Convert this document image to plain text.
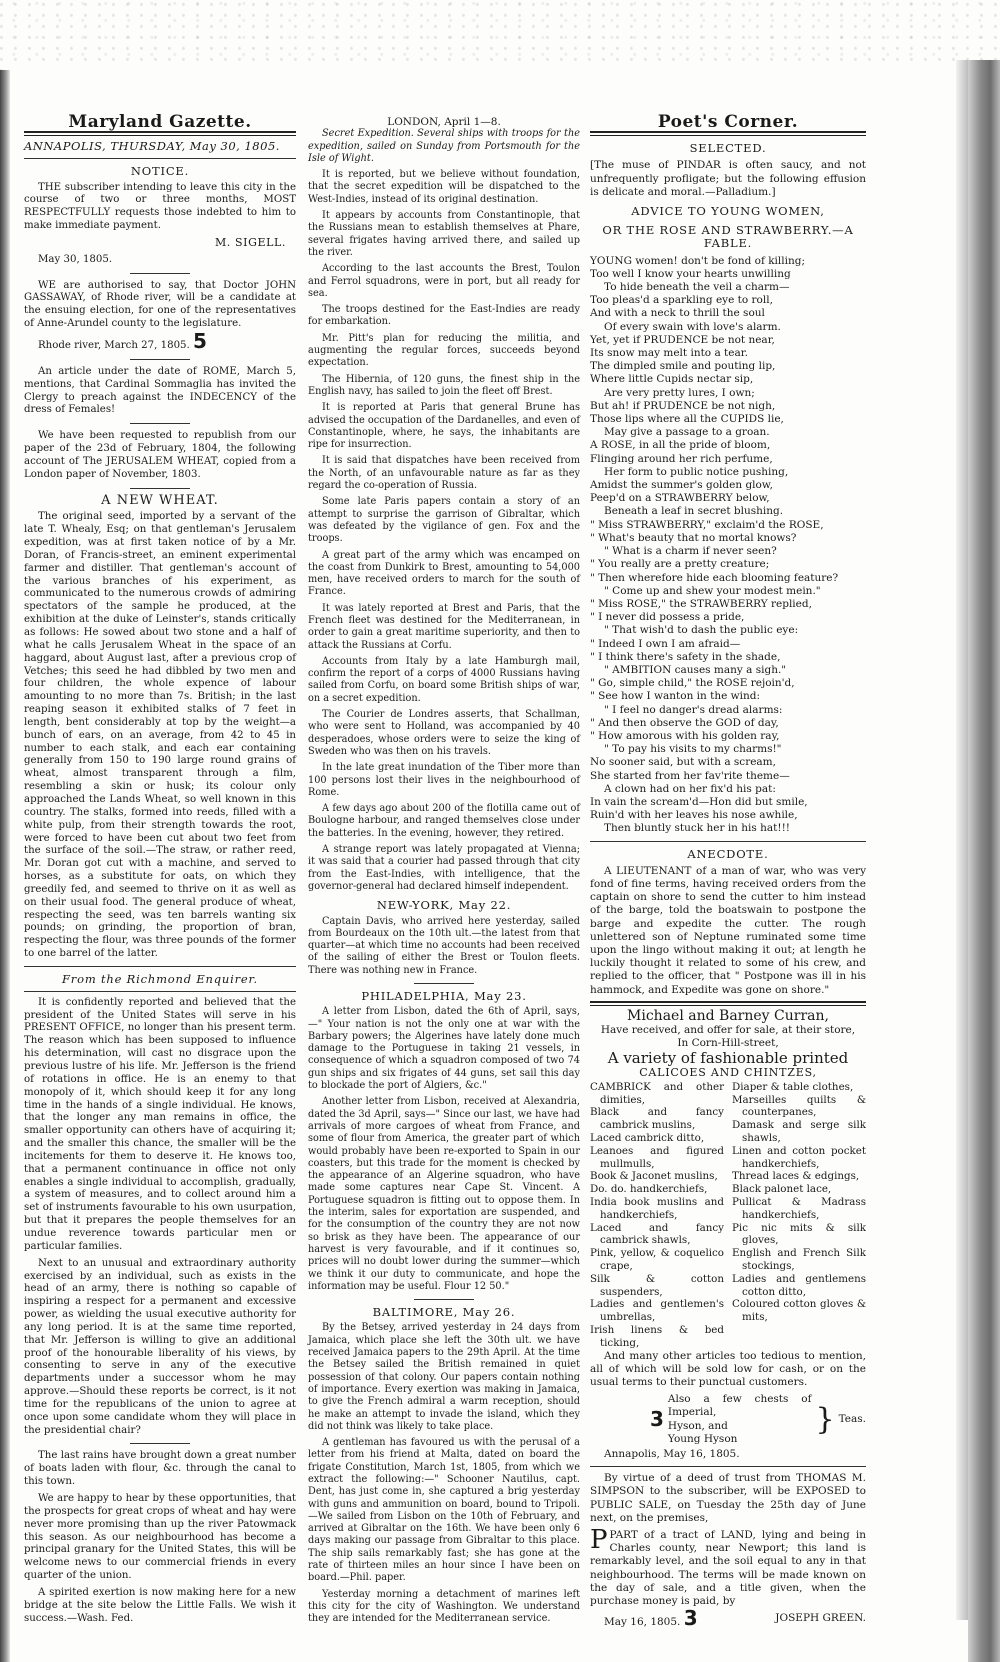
Maryland Gazette.
ANNAPOLIS, THURSDAY, May 30, 1805.
NOTICE.

THE subscriber intending to leave this city in the course of two or three months, MOST RESPECTFULLY requests those indebted to him to make immediate payment.

M. SIGELL.

May 30, 1805.

WE are authorised to say, that Doctor JOHN GASSAWAY, of Rhode river, will be a candidate at the ensuing election, for one of the representatives of Anne-Arundel county to the legislature.

Rhode river, March 27, 1805. 5

An article under the date of ROME, March 5, mentions, that Cardinal Sommaglia has invited the Clergy to preach against the INDECENCY of the dress of Females!

We have been requested to republish from our paper of the 23d of February, 1804, the following account of The JERUSALEM WHEAT, copied from a London paper of November, 1803.

A NEW WHEAT.

The original seed, imported by a servant of the late T. Whealy, Esq; on that gentleman's Jerusalem expedition, was at first taken notice of by a Mr. Doran, of Francis-street, an eminent experimental farmer and distiller. That gentleman's account of the various branches of his experiment, as communicated to the numerous crowds of admiring spectators of the sample he produced, at the exhibition at the duke of Leinster's, stands critically as follows: He sowed about two stone and a half of what he calls Jerusalem Wheat in the space of an haggard, about August last, after a previous crop of Vetches; this seed he had dibbled by two men and four children, the whole expence of labour amounting to no more than 7s. British; in the last reaping season it exhibited stalks of 7 feet in length, bent considerably at top by the weight—a bunch of ears, on an average, from 42 to 45 in number to each stalk, and each ear containing generally from 150 to 190 large round grains of wheat, almost transparent through a film, resembling a skin or husk; its colour only approached the Lands Wheat, so well known in this country. The stalks, formed into reeds, filled with a white pulp, from their strength towards the root, were forced to have been cut about two feet from the surface of the soil.—The straw, or rather reed, Mr. Doran got cut with a machine, and served to horses, as a substitute for oats, on which they greedily fed, and seemed to thrive on it as well as on their usual food. The general produce of wheat, respecting the seed, was ten barrels wanting six pounds; on grinding, the proportion of bran, respecting the flour, was three pounds of the former to one barrel of the latter.

From the Richmond Enquirer.

It is confidently reported and believed that the president of the United States will serve in his PRESENT OFFICE, no longer than his present term. The reason which has been supposed to influence his determination, will cast no disgrace upon the previous lustre of his life. Mr. Jefferson is the friend of rotations in office. He is an enemy to that monopoly of it, which should keep it for any long time in the hands of a single individual. He knows, that the longer any man remains in office, the smaller opportunity can others have of acquiring it; and the smaller this chance, the smaller will be the incitements for them to deserve it. He knows too, that a permanent continuance in office not only enables a single individual to accomplish, gradually, a system of measures, and to collect around him a set of instruments favourable to his own usurpation, but that it prepares the people themselves for an undue reverence towards particular men or particular families.

Next to an unusual and extraordinary authority exercised by an individual, such as exists in the head of an army, there is nothing so capable of inspiring a respect for a permanent and excessive power, as wielding the usual executive authority for any long period. It is at the same time reported, that Mr. Jefferson is willing to give an additional proof of the honourable liberality of his views, by consenting to serve in any of the executive departments under a successor whom he may approve.—Should these reports be correct, is it not time for the republicans of the union to agree at once upon some candidate whom they will place in the presidential chair?

The last rains have brought down a great number of boats laden with flour, &c. through the canal to this town.

We are happy to hear by these opportunities, that the prospects for great crops of wheat and hay were never more promising than up the river Patowmack this season. As our neighbourhood has become a principal granary for the United States, this will be welcome news to our commercial friends in every quarter of the union.

A spirited exertion is now making here for a new bridge at the site below the Little Falls. We wish it success.—Wash. Fed.

LONDON, April 1—8.

Secret Expedition. Several ships with troops for the expedition, sailed on Sunday from Portsmouth for the Isle of Wight.

It is reported, but we believe without foundation, that the secret expedition will be dispatched to the West-Indies, instead of its original destination.

It appears by accounts from Constantinople, that the Russians mean to establish themselves at Phare, several frigates having arrived there, and sailed up the river.

According to the last accounts the Brest, Toulon and Ferrol squadrons, were in port, but all ready for sea.

The troops destined for the East-Indies are ready for embarkation.

Mr. Pitt's plan for reducing the militia, and augmenting the regular forces, succeeds beyond expectation.

The Hibernia, of 120 guns, the finest ship in the English navy, has sailed to join the fleet off Brest.

It is reported at Paris that general Brune has advised the occupation of the Dardanelles, and even of Constantinople, where, he says, the inhabitants are ripe for insurrection.

It is said that dispatches have been received from the North, of an unfavourable nature as far as they regard the co-operation of Russia.

Some late Paris papers contain a story of an attempt to surprise the garrison of Gibraltar, which was defeated by the vigilance of gen. Fox and the troops.

A great part of the army which was encamped on the coast from Dunkirk to Brest, amounting to 54,000 men, have received orders to march for the south of France.

It was lately reported at Brest and Paris, that the French fleet was destined for the Mediterranean, in order to gain a great maritime superiority, and then to attack the Russians at Corfu.

Accounts from Italy by a late Hamburgh mail, confirm the report of a corps of 4000 Russians having sailed from Corfu, on board some British ships of war, on a secret expedition.

The Courier de Londres asserts, that Schallman, who were sent to Holland, was accompanied by 40 desperadoes, whose orders were to seize the king of Sweden who was then on his travels.

In the late great inundation of the Tiber more than 100 persons lost their lives in the neighbourhood of Rome.

A few days ago about 200 of the flotilla came out of Boulogne harbour, and ranged themselves close under the batteries. In the evening, however, they retired.

A strange report was lately propagated at Vienna; it was said that a courier had passed through that city from the East-Indies, with intelligence, that the governor-general had declared himself independent.

NEW-YORK, May 22.

Captain Davis, who arrived here yesterday, sailed from Bourdeaux on the 10th ult.—the latest from that quarter—at which time no accounts had been received of the sailing of either the Brest or Toulon fleets. There was nothing new in France.

PHILADELPHIA, May 23.

A letter from Lisbon, dated the 6th of April, says, —" Your nation is not the only one at war with the Barbary powers; the Algerines have lately done much damage to the Portuguese in taking 21 vessels, in consequence of which a squadron composed of two 74 gun ships and six frigates of 44 guns, set sail this day to blockade the port of Algiers, &c."

Another letter from Lisbon, received at Alexandria, dated the 3d April, says—" Since our last, we have had arrivals of more cargoes of wheat from France, and some of flour from America, the greater part of which would probably have been re-exported to Spain in our coasters, but this trade for the moment is checked by the appearance of an Algerine squadron, who have made some captures near Cape St. Vincent. A Portuguese squadron is fitting out to oppose them. In the interim, sales for exportation are suspended, and for the consumption of the country they are not now so brisk as they have been. The appearance of our harvest is very favourable, and if it continues so, prices will no doubt lower during the summer—which we think it our duty to communicate, and hope the information may be useful. Flour 12 50."

BALTIMORE, May 26.

By the Betsey, arrived yesterday in 24 days from Jamaica, which place she left the 30th ult. we have received Jamaica papers to the 29th April. At the time the Betsey sailed the British remained in quiet possession of that colony. Our papers contain nothing of importance. Every exertion was making in Jamaica, to give the French admiral a warm reception, should he make an attempt to invade the island, which they did not think was likely to take place.

A gentleman has favoured us with the perusal of a letter from his friend at Malta, dated on board the frigate Constitution, March 1st, 1805, from which we extract the following:—" Schooner Nautilus, capt. Dent, has just come in, she captured a brig yesterday with guns and ammunition on board, bound to Tripoli.—We sailed from Lisbon on the 10th of February, and arrived at Gibraltar on the 16th. We have been only 6 days making our passage from Gibraltar to this place. The ship sails remarkably fast; she has gone at the rate of thirteen miles an hour since I have been on board.—Phil. paper.

Yesterday morning a detachment of marines left this city for the city of Washington. We understand they are intended for the Mediterranean service.

Poet's Corner.
SELECTED.

[The muse of PINDAR is often saucy, and not unfrequently profligate; but the following effusion is delicate and moral.—Palladium.]

ADVICE TO YOUNG WOMEN,
OR THE ROSE AND STRAWBERRY.—A FABLE.

YOUNG women! don't be fond of killing;

Too well I know your hearts unwilling

To hide beneath the veil a charm—

Too pleas'd a sparkling eye to roll,

And with a neck to thrill the soul

Of every swain with love's alarm.

Yet, yet if PRUDENCE be not near,

Its snow may melt into a tear.

The dimpled smile and pouting lip,

Where little Cupids nectar sip,

Are very pretty lures, I own;

But ah! if PRUDENCE be not nigh,

Those lips where all the CUPIDS lie,

May give a passage to a groan.

A ROSE, in all the pride of bloom,

Flinging around her rich perfume,

Her form to public notice pushing,

Amidst the summer's golden glow,

Peep'd on a STRAWBERRY below,

Beneath a leaf in secret blushing.

" Miss STRAWBERRY," exclaim'd the ROSE,

" What's beauty that no mortal knows?

" What is a charm if never seen?

" You really are a pretty creature;

" Then wherefore hide each blooming feature?

" Come up and shew your modest mein."

" Miss ROSE," the STRAWBERRY replied,

" I never did possess a pride,

" That wish'd to dash the public eye:

" Indeed I own I am afraid—

" I think there's safety in the shade,

" AMBITION causes many a sigh."

" Go, simple child," the ROSE rejoin'd,

" See how I wanton in the wind:

" I feel no danger's dread alarms:

" And then observe the GOD of day,

" How amorous with his golden ray,

" To pay his visits to my charms!"

No sooner said, but with a scream,

She started from her fav'rite theme—

A clown had on her fix'd his pat:

In vain the scream'd—Hon did but smile,

Ruin'd with her leaves his nose awhile,

Then bluntly stuck her in his hat!!!

ANECDOTE.

A LIEUTENANT of a man of war, who was very fond of fine terms, having received orders from the captain on shore to send the cutter to him instead of the barge, told the boatswain to postpone the barge and expedite the cutter. The rough unlettered son of Neptune ruminated some time upon the lingo without making it out; at length he luckily thought it related to some of his crew, and replied to the officer, that " Postpone was ill in his hammock, and Expedite was gone on shore."

Michael and Barney Curran,
Have received, and offer for sale, at their store,
In Corn-Hill-street,
A variety of fashionable printed
CALICOES AND CHINTZES,
CAMBRICK and other dimities,
Black and fancy cambrick muslins,
Laced cambrick ditto,
Leanoes and figured mullmulls,
Book & Jaconet muslins,
Do. do. handkerchiefs,
India book muslins and handkerchiefs,
Laced and fancy cambrick shawls,
Pink, yellow, & coquelico crape,
Silk & cotton suspenders,
Ladies and gentlemen's umbrellas,
Irish linens & bed ticking,
Diaper & table clothes,
Marseilles quilts & counterpanes,
Damask and serge silk shawls,
Linen and cotton pocket handkerchiefs,
Thread laces & edgings,
Black palonet lace,
Pullicat & Madrass handkerchiefs,
Pic nic mits & silk gloves,
English and French Silk stockings,
Ladies and gentlemens cotton ditto,
Coloured cotton gloves & mits,

And many other articles too tedious to mention, all of which will be sold low for cash, or on the usual terms to their punctual customers.

3
Also a few chests of Imperial,
Hyson, and
Young Hyson
} Teas.

Annapolis, May 16, 1805.

By virtue of a deed of trust from THOMAS M. SIMPSON to the subscriber, will be EXPOSED to PUBLIC SALE, on Tuesday the 25th day of June next, on the premises,

PPART of a tract of LAND, lying and being in Charles county, near Newport; this land is remarkably level, and the soil equal to any in that neighbourhood. The terms will be made known on the day of sale, and a title given, when the purchase money is paid, by

May 16, 1805. 3	JOSEPH GREEN.
